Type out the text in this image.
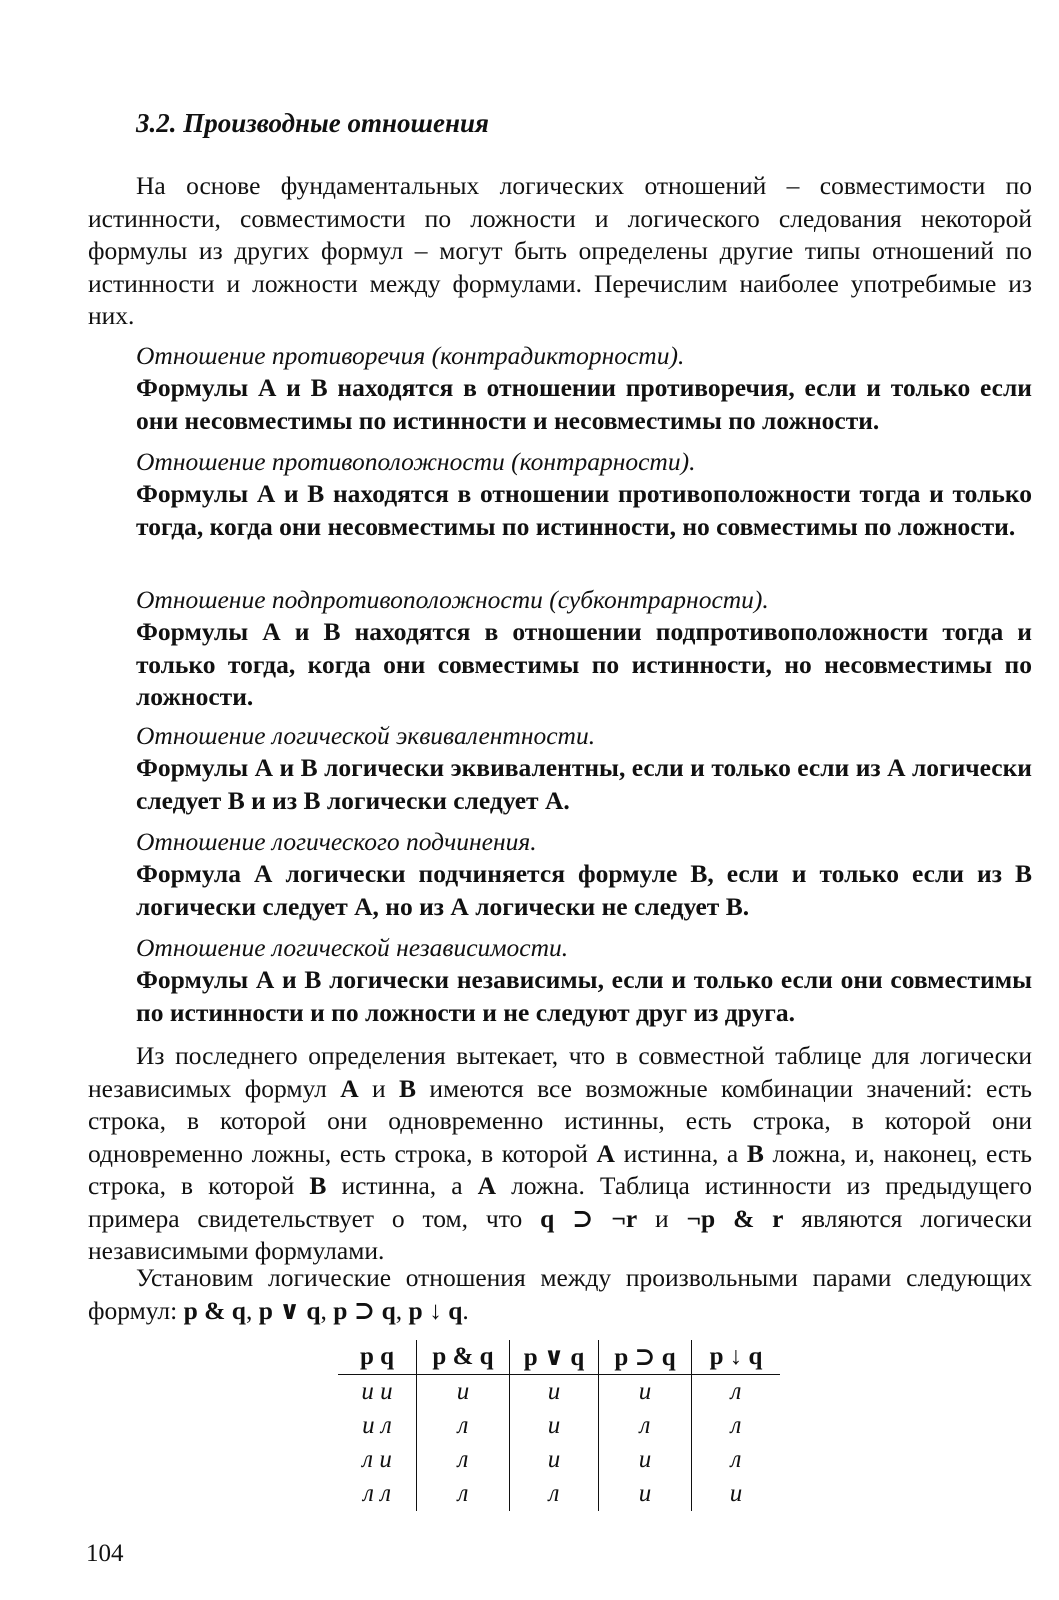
3.2. Производные отношения
На основе фундаментальных логических отношений – совместимости по истинности, совместимости по ложности и логического следования некоторой формулы из других формул – могут быть определены другие типы отношений по истинности и ложности между формулами. Перечислим наиболее употребимые из них.
Отношение противоречия (контрадикторности).
Формулы А и В находятся в отношении противоречия, если и только если они несовместимы по истинности и несовместимы по ложности.
Отношение противоположности (контрарности).
Формулы А и В находятся в отношении противоположности тогда и только тогда, когда они несовместимы по истинности, но совместимы по ложности.
Отношение подпротивоположности (субконтрарности).
Формулы А и В находятся в отношении подпротивоположности тогда и только тогда, когда они совместимы по истинности, но несовместимы по ложности.
Отношение логической эквивалентности.
Формулы А и В логически эквивалентны, если и только если из А логически следует В и из В логически следует А.
Отношение логического подчинения.
Формула А логически подчиняется формуле В, если и только если из В логически следует А, но из А логически не следует В.
Отношение логической независимости.
Формулы А и В логически независимы, если и только если они совместимы по истинности и по ложности и не следуют друг из друга.
Из последнего определения вытекает, что в совместной таблице для логически независимых формул А и В имеются все возможные комбинации значений: есть строка, в которой они одновременно истинны, есть строка, в которой они одновременно ложны, есть строка, в которой А истинна, а В ложна, и, наконец, есть строка, в которой В истинна, а А ложна. Таблица истинности из предыдущего примера свидетельствует о том, что q ⊃ ¬r и ¬p & r являются логически независимыми формулами.
Установим логические отношения между произвольными парами следующих формул: p & q, p ∨ q, p ⊃ q, p ↓ q.
p q	p & q	p ∨ q	p ⊃ q	p ↓ q
и и	и	и	и	л
и л	л	и	л	л
л и	л	и	и	л
л л	л	л	и	и
104
